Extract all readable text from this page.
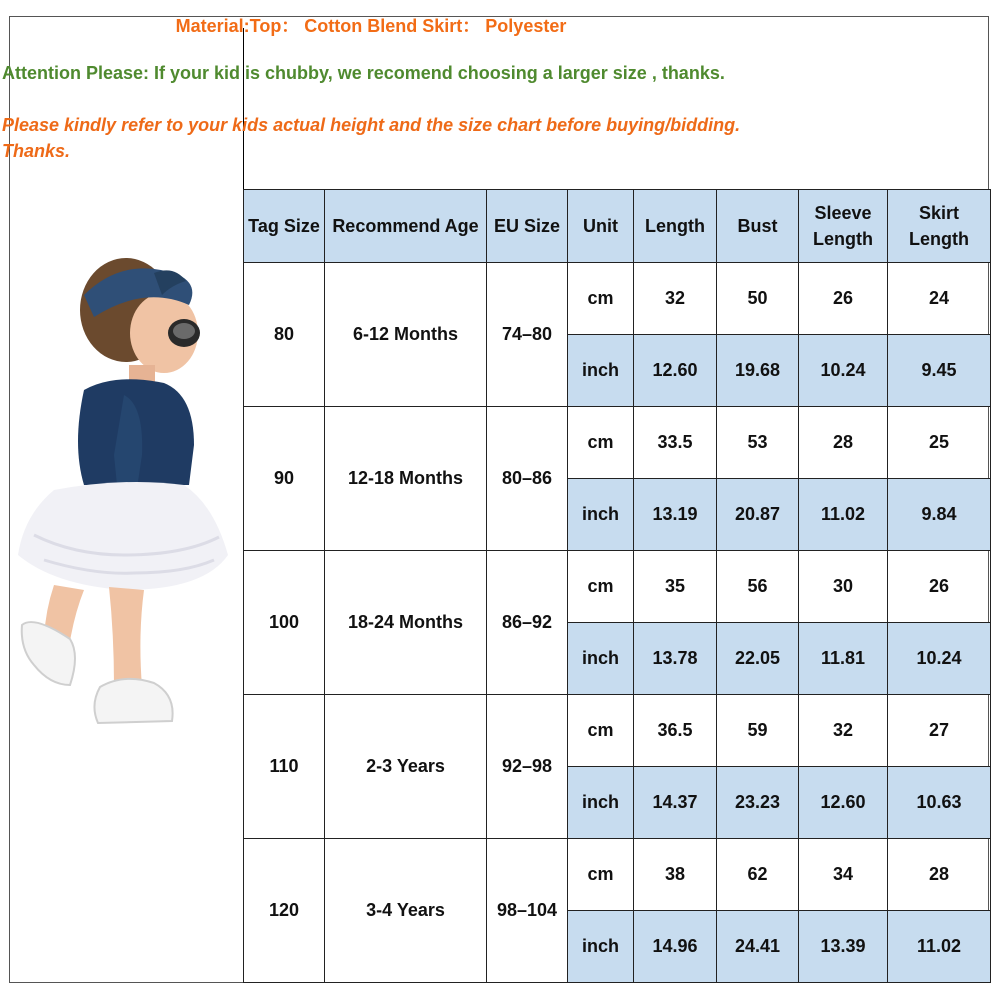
Material:Top： Cotton Blend Skirt： Polyester
Attention Please: If your kid is chubby, we recomend choosing a larger size , thanks.
Please kindly refer to your kids actual height and the size chart before buying/bidding. Thanks.
Tag Size	Recommend Age	EU Size	Unit	Length	Bust	Sleeve Length	Skirt Length
80	6-12 Months	74–80	cm	32	50	26	24
			inch	12.60	19.68	10.24	9.45
90	12-18 Months	80–86	cm	33.5	53	28	25
			inch	13.19	20.87	11.02	9.84
100	18-24 Months	86–92	cm	35	56	30	26
			inch	13.78	22.05	11.81	10.24
110	2-3 Years	92–98	cm	36.5	59	32	27
			inch	14.37	23.23	12.60	10.63
120	3-4 Years	98–104	cm	38	62	34	28
			inch	14.96	24.41	13.39	11.02
